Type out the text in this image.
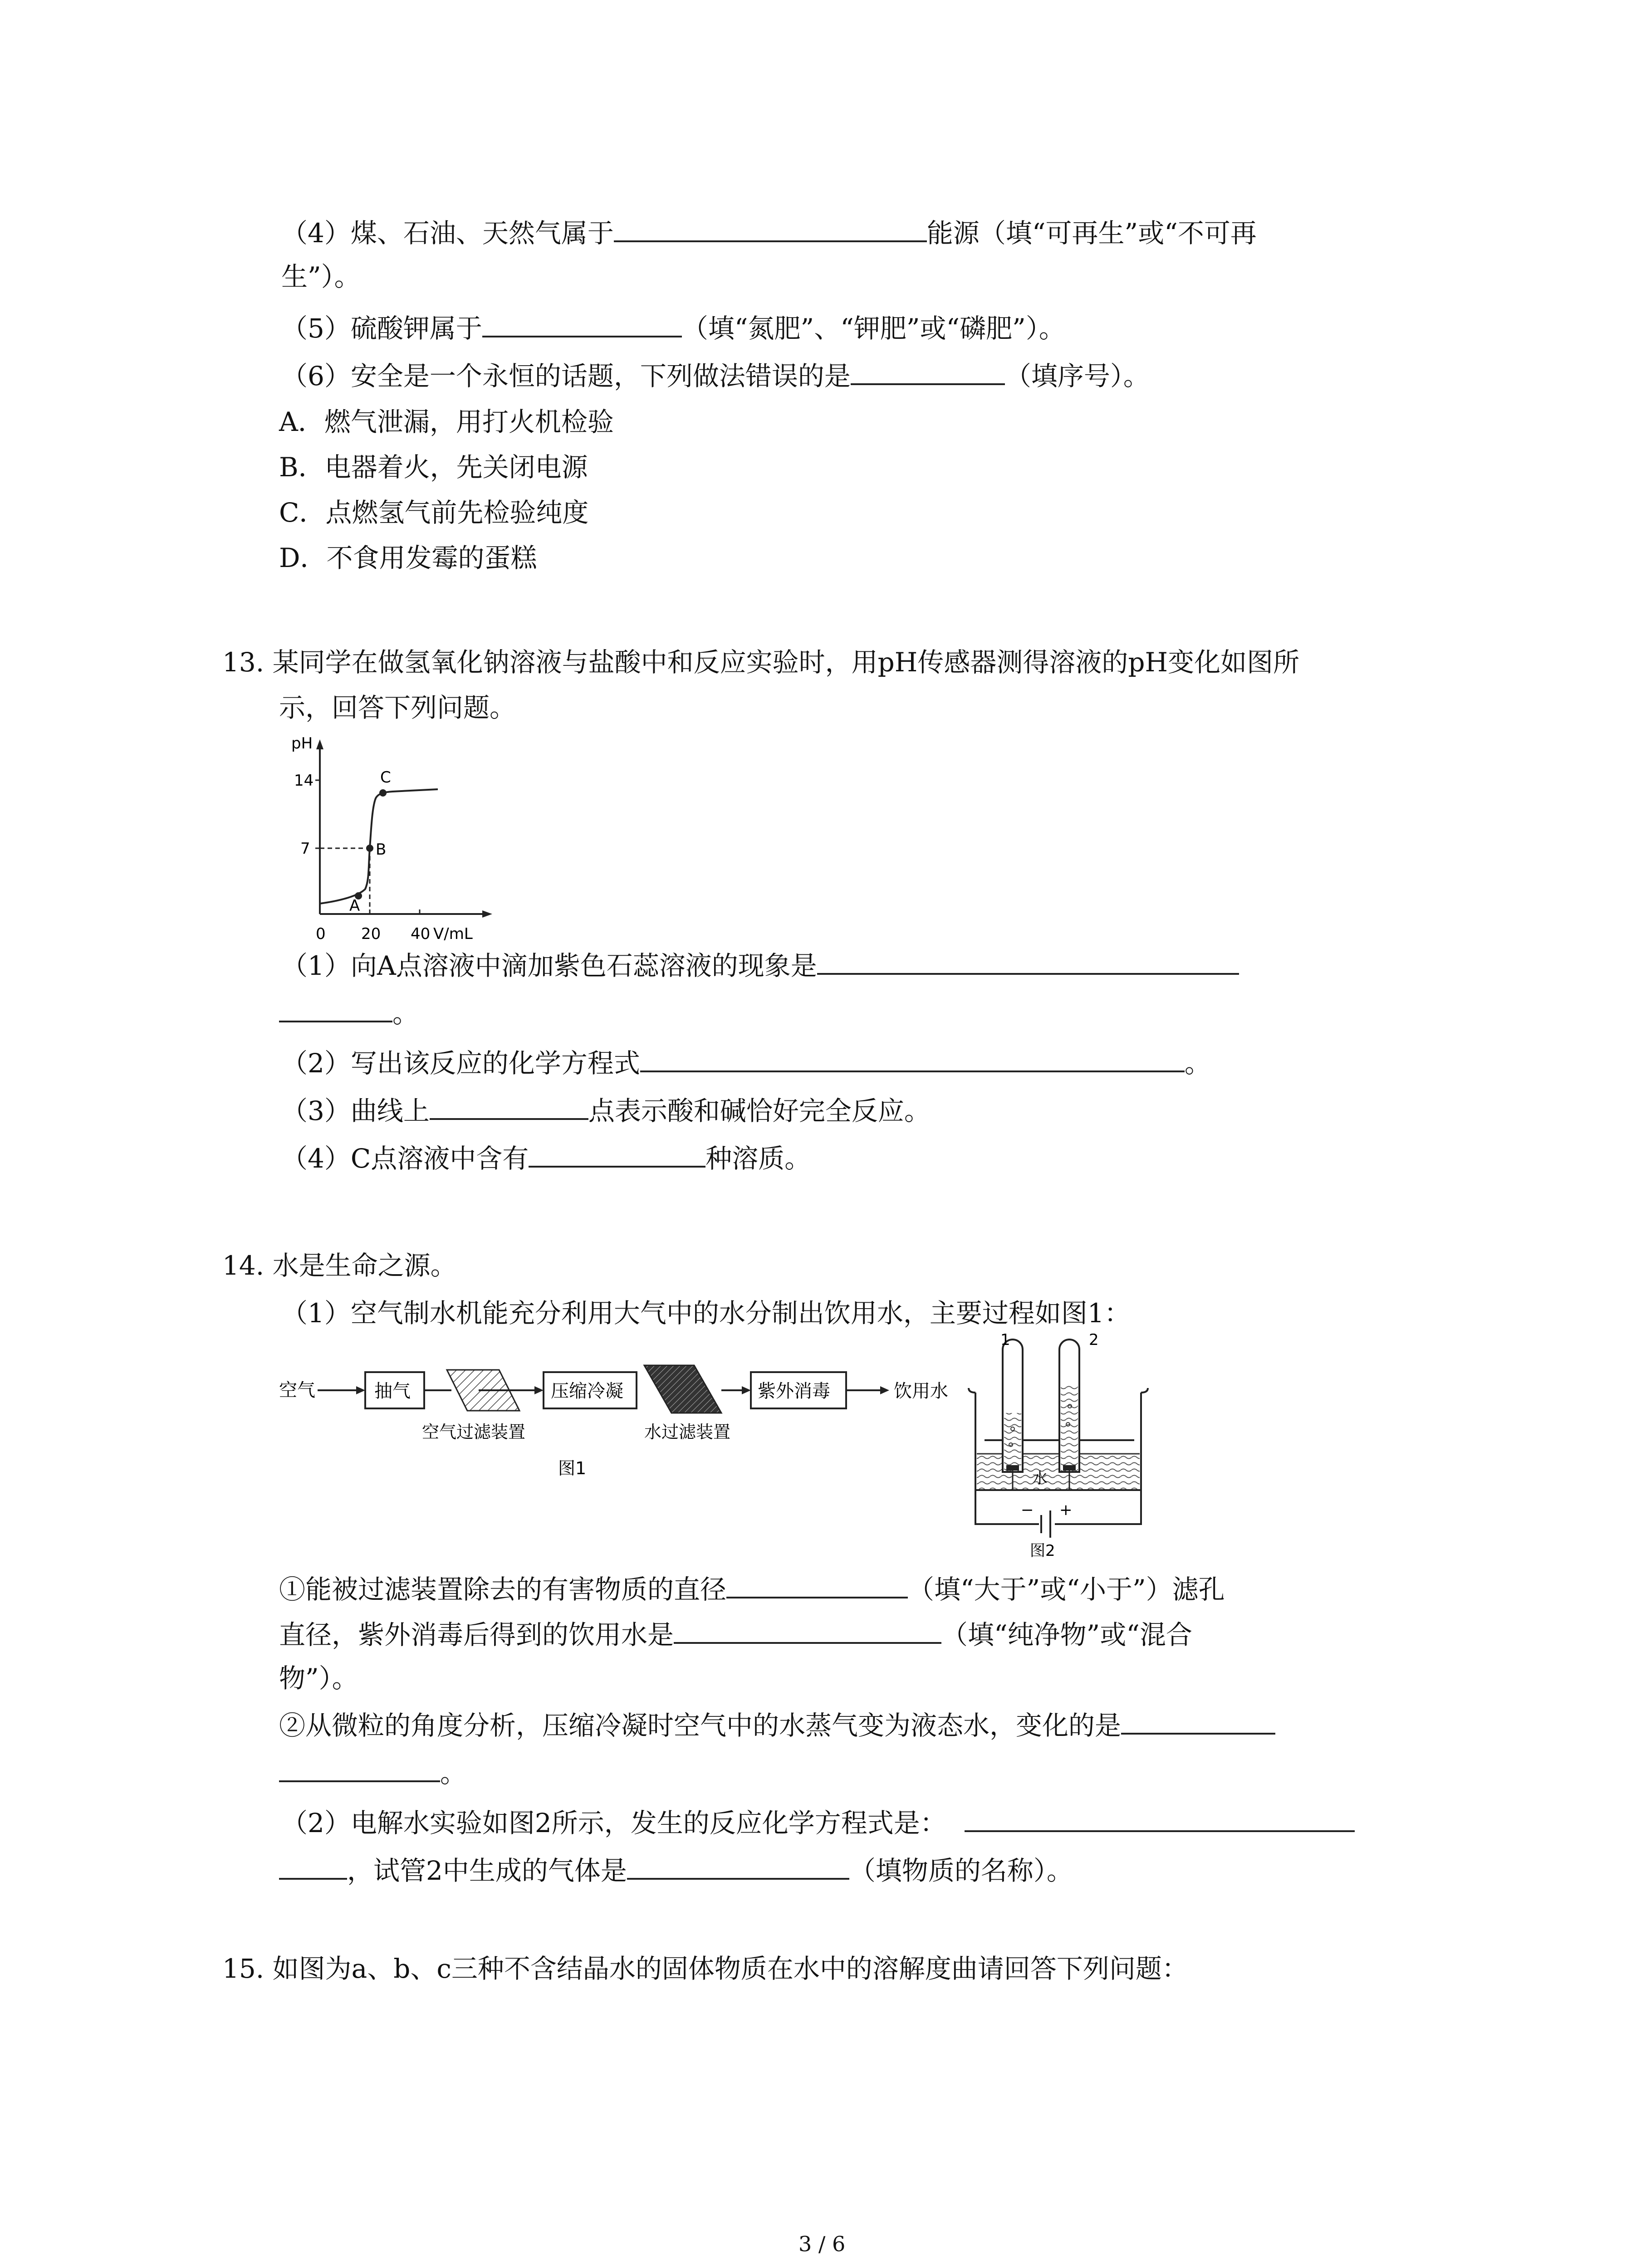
（4）煤、石油、天然气属于	能源（填“可再生”或“不可再
生”）。
（5）硫酸钾属于	（填“氮肥”、“钾肥”或“磷肥”）。
（6）安全是一个永恒的话题，下列做法错误的是	（填序号）。
A．燃气泄漏，用打火机检验
B．电器着火，先关闭电源
C．点燃氢气前先检验纯度
D．不食用发霉的蛋糕
13. 某同学在做氢氧化钠溶液与盐酸中和反应实验时，用pH传感器测得溶液的pH变化如图所
示，回答下列问题。
pH
14
7
0 20 40 V/mL
A
B
C
（1）向A点溶液中滴加紫色石蕊溶液的现象是
。
（2）写出该反应的化学方程式	。
（3）曲线上	点表示酸和碱恰好完全反应。
（4）C点溶液中含有	种溶质。
14. 水是生命之源。
（1）空气制水机能充分利用大气中的水分制出饮用水，主要过程如图1：
空气	抽气
空气过滤装置
压缩冷凝
水过滤装置
紫外消毒	饮用水
图1
1	2
水
− +
图2
①能被过滤装置除去的有害物质的直径	（填“大于”或“小于”）滤孔
直径，紫外消毒后得到的饮用水是	（填“纯净物”或“混合
物”）。
②从微粒的角度分析，压缩冷凝时空气中的水蒸气变为液态水，变化的是
。
（2）电解水实验如图2所示，发生的反应化学方程式是：
，试管2中生成的气体是	（填物质的名称）。
15. 如图为a、b、c三种不含结晶水的固体物质在水中的溶解度曲请回答下列问题：
3 / 6
